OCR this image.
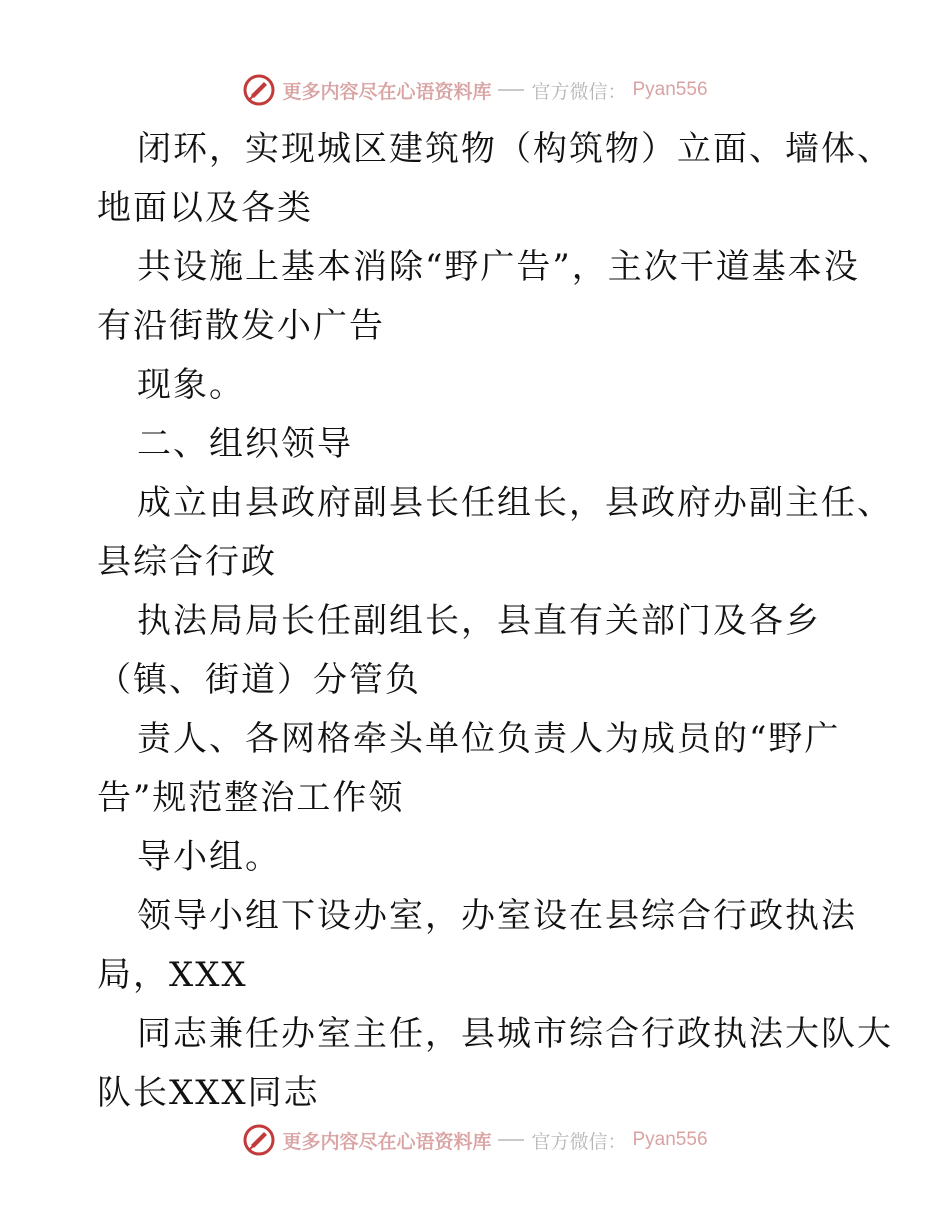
更多内容尽在心语资料库 官方微信： Pyan556
闭环，实现城区建筑物（构筑物）立面、墙体、
地面以及各类
共设施上基本消除“野广告”，主次干道基本没
有沿街散发小广告
现象。
二、组织领导
成立由县政府副县长任组长，县政府办副主任、
县综合行政
执法局局长任副组长，县直有关部门及各乡
（镇、街道）分管负
责人、各网格牵头单位负责人为成员的“野广
告”规范整治工作领
导小组。
领导小组下设办室，办室设在县综合行政执法
局，XXX
同志兼任办室主任，县城市综合行政执法大队大
队长XXX同志
更多内容尽在心语资料库 官方微信： Pyan556
